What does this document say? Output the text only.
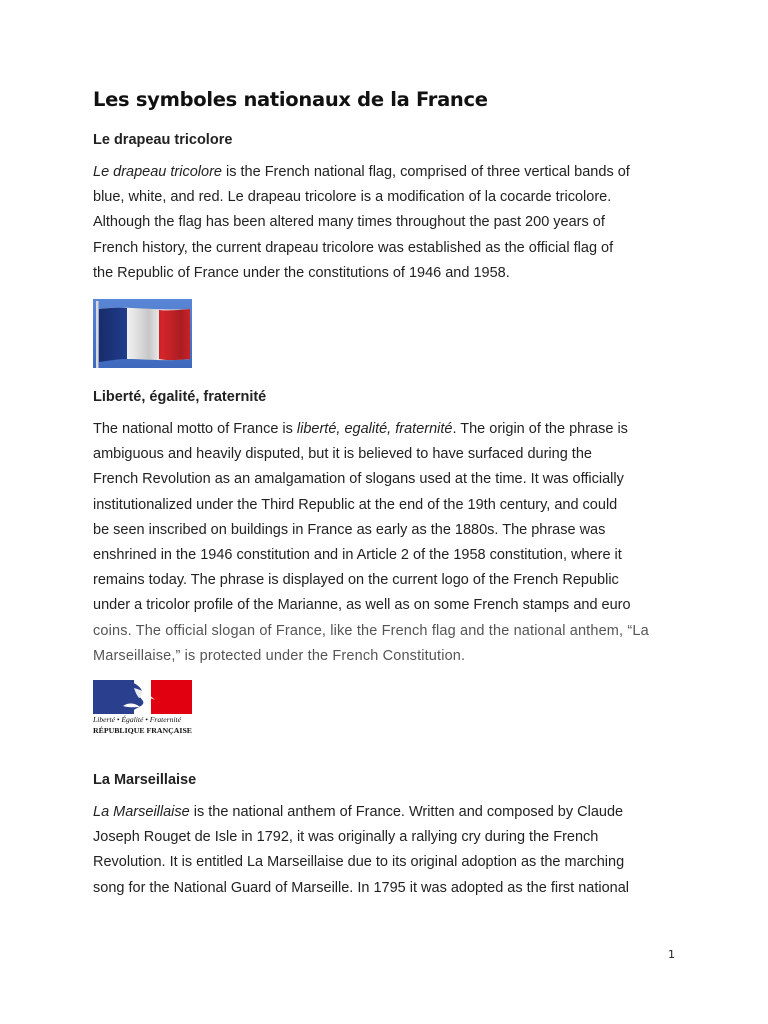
Les symboles nationaux de la France
Le drapeau tricolore

Le drapeau tricolore is the French national flag, comprised of three vertical bands of
blue, white, and red. Le drapeau tricolore is a modification of la cocarde tricolore.
Although the flag has been altered many times throughout the past 200 years of
French history, the current drapeau tricolore was established as the official flag of
the Republic of France under the constitutions of 1946 and 1958.

Liberté, égalité, fraternité

The national motto of France is liberté, egalité, fraternité. The origin of the phrase is
ambiguous and heavily disputed, but it is believed to have surfaced during the
French Revolution as an amalgamation of slogans used at the time. It was officially
institutionalized under the Third Republic at the end of the 19th century, and could
be seen inscribed on buildings in France as early as the 1880s. The phrase was
enshrined in the 1946 constitution and in Article 2 of the 1958 constitution, where it
remains today. The phrase is displayed on the current logo of the French Republic
under a tricolor profile of the Marianne, as well as on some French stamps and euro
coins. The official slogan of France, like the French flag and the national anthem, “La
Marseillaise,” is protected under the French Constitution.

Liberté • Égalité • Fraternité
RÉPUBLIQUE FRANÇAISE
La Marseillaise

La Marseillaise is the national anthem of France. Written and composed by Claude
Joseph Rouget de Isle in 1792, it was originally a rallying cry during the French
Revolution. It is entitled La Marseillaise due to its original adoption as the marching
song for the National Guard of Marseille. In 1795 it was adopted as the first national

1
